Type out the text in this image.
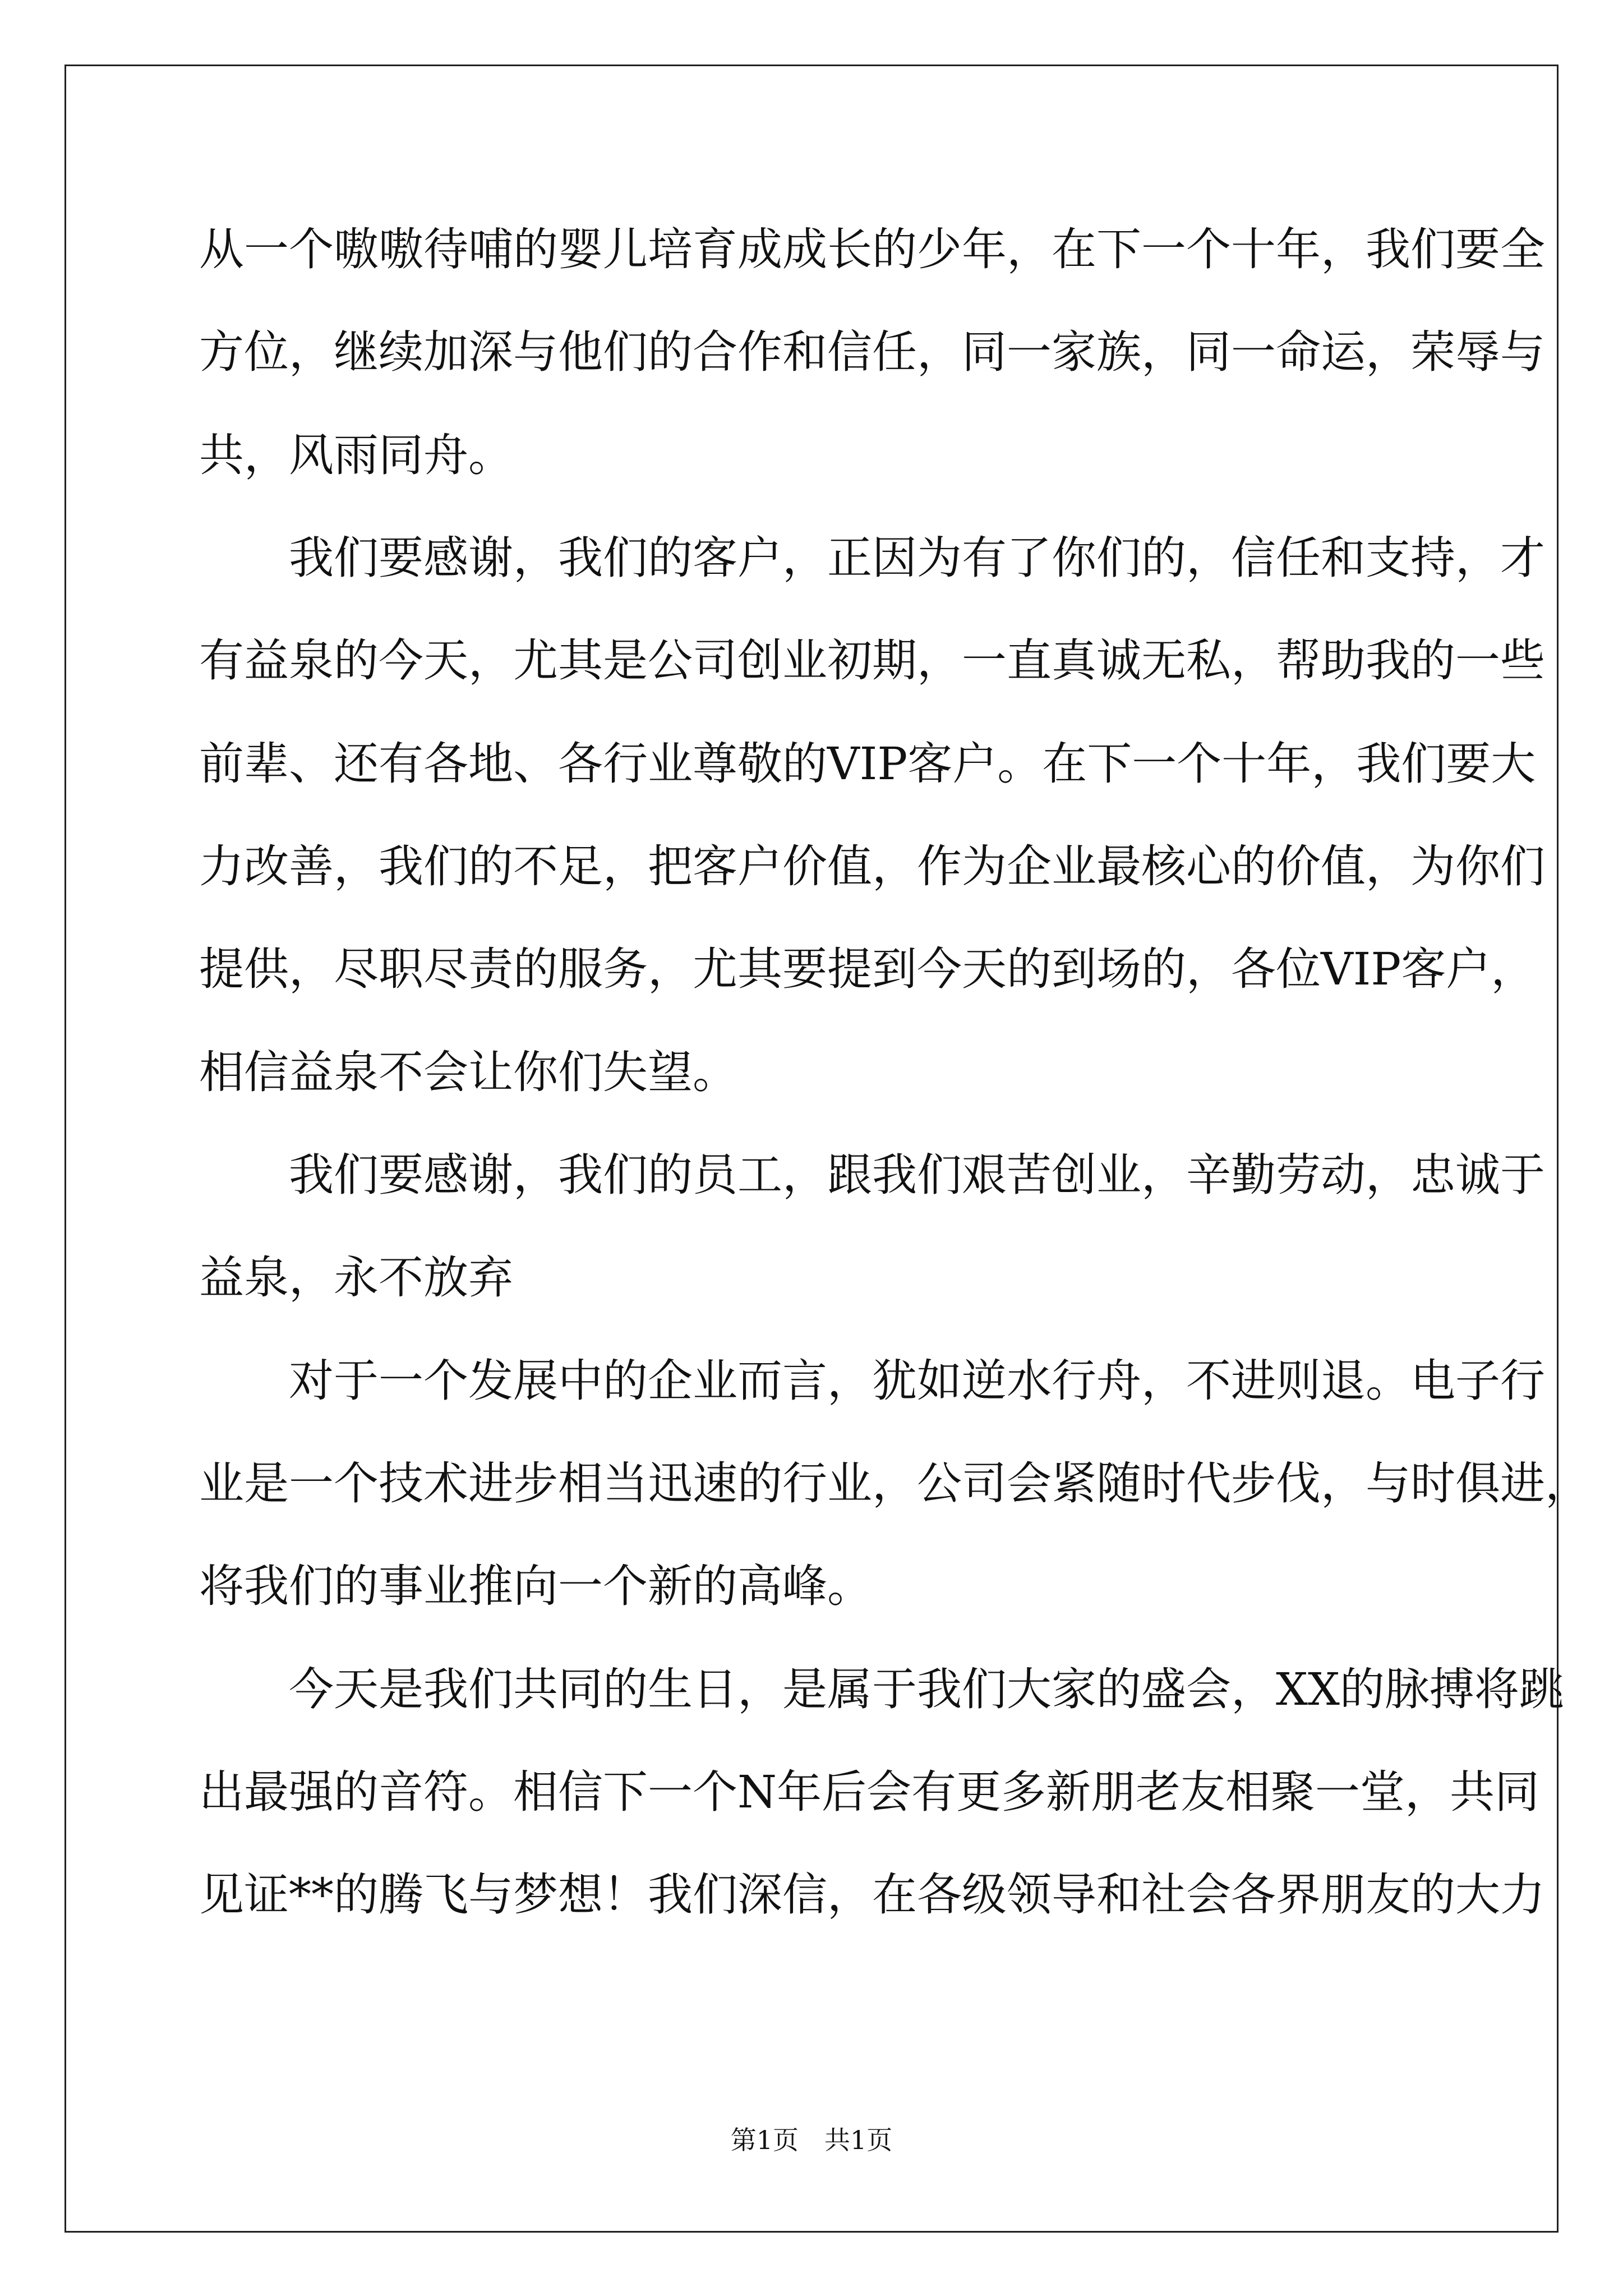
从一个嗷嗷待哺的婴儿培育成成长的少年，在下一个十年，我们要全
方位，继续加深与他们的合作和信任，同一家族，同一命运，荣辱与
共，风雨同舟。
　　我们要感谢，我们的客户，正因为有了你们的，信任和支持，才
有益泉的今天，尤其是公司创业初期，一直真诚无私，帮助我的一些
前辈、还有各地、各行业尊敬的VIP客户。在下一个十年，我们要大
力改善，我们的不足，把客户价值，作为企业最核心的价值，为你们
提供，尽职尽责的服务，尤其要提到今天的到场的，各位VIP客户，
相信益泉不会让你们失望。
　　我们要感谢，我们的员工，跟我们艰苦创业，辛勤劳动，忠诚于
益泉，永不放弃
　　对于一个发展中的企业而言，犹如逆水行舟，不进则退。电子行
业是一个技术进步相当迅速的行业，公司会紧随时代步伐，与时俱进，
将我们的事业推向一个新的高峰。
　　今天是我们共同的生日，是属于我们大家的盛会，XX的脉搏将跳
出最强的音符。相信下一个N年后会有更多新朋老友相聚一堂，共同
见证**的腾飞与梦想！我们深信，在各级领导和社会各界朋友的大力
第1页　共1页
